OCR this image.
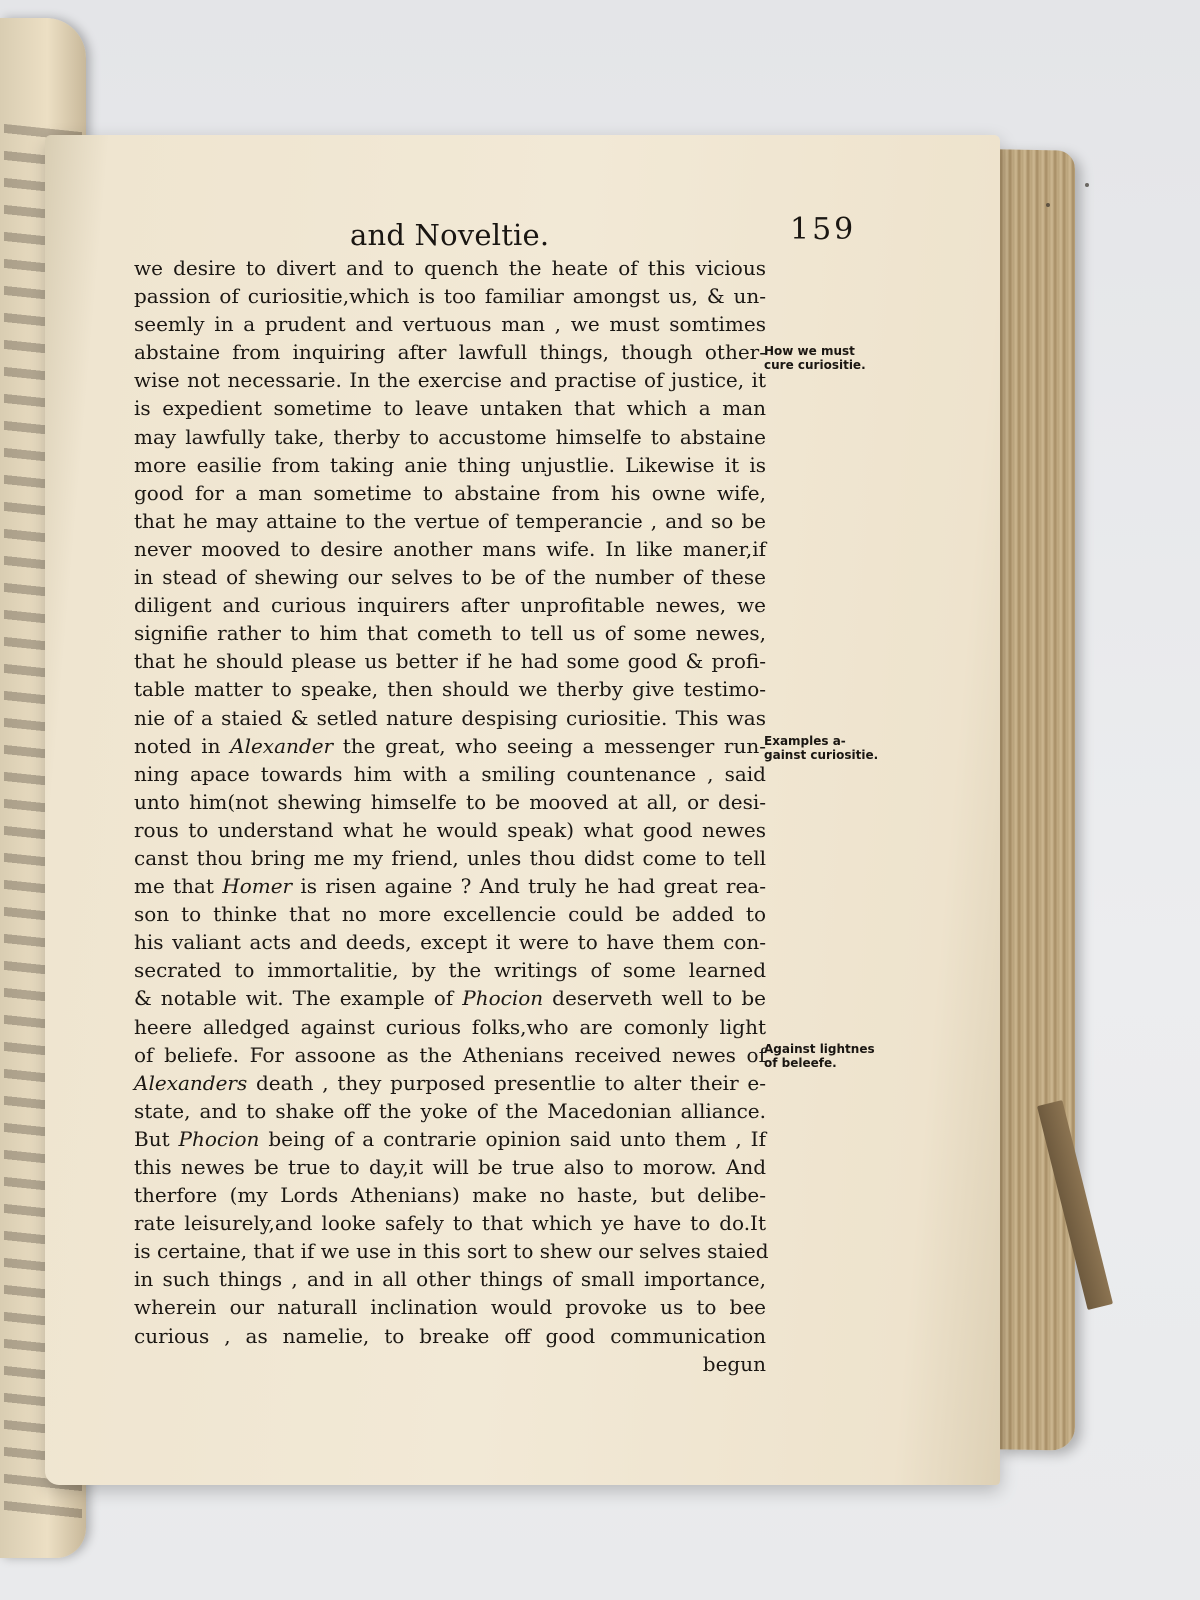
and Noveltie.	159
we desire to divert and to quench the heate of this vicious
passion of curiositie,which is too familiar amongst us, & un-
seemly in a prudent and vertuous man , we must somtimes
abstaine from inquiring after lawfull things, though other-
wise not necessarie. In the exercise and practise of justice, it
is expedient sometime to leave untaken that which a man
may lawfully take, therby to accustome himselfe to abstaine
more easilie from taking anie thing unjustlie. Likewise it is
good for a man sometime to abstaine from his owne wife,
that he may attaine to the vertue of temperancie , and so be
never mooved to desire another mans wife. In like maner,if
in stead of shewing our selves to be of the number of these
diligent and curious inquirers after unprofitable newes, we
signifie rather to him that cometh to tell us of some newes,
that he should please us better if he had some good & profi-
table matter to speake, then should we therby give testimo-
nie of a staied & setled nature despising curiositie. This was
noted in Alexander the great, who seeing a messenger run-
ning apace towards him with a smiling countenance , said
unto him(not shewing himselfe to be mooved at all, or desi-
rous to understand what he would speak) what good newes
canst thou bring me my friend, unles thou didst come to tell
me that Homer is risen againe ? And truly he had great rea-
son to thinke that no more excellencie could be added to
his valiant acts and deeds, except it were to have them con-
secrated to immortalitie, by the writings of some learned
& notable wit. The example of Phocion deserveth well to be
heere alledged against curious folks,who are comonly light
of beliefe. For assoone as the Athenians received newes of
Alexanders death , they purposed presentlie to alter their e-
state, and to shake off the yoke of the Macedonian alliance.
But Phocion being of a contrarie opinion said unto them , If
this newes be true to day,it will be true also to morow. And
therfore (my Lords Athenians) make no haste, but delibe-
rate leisurely,and looke safely to that which ye have to do.It
is certaine, that if we use in this sort to shew our selves staied
in such things , and in all other things of small importance,
wherein our naturall inclination would provoke us to bee
curious , as namelie, to breake off good communication
begun
How we must
cure curiositie.
Examples a-
gainst curiositie.
Against lightnes
of beleefe.
